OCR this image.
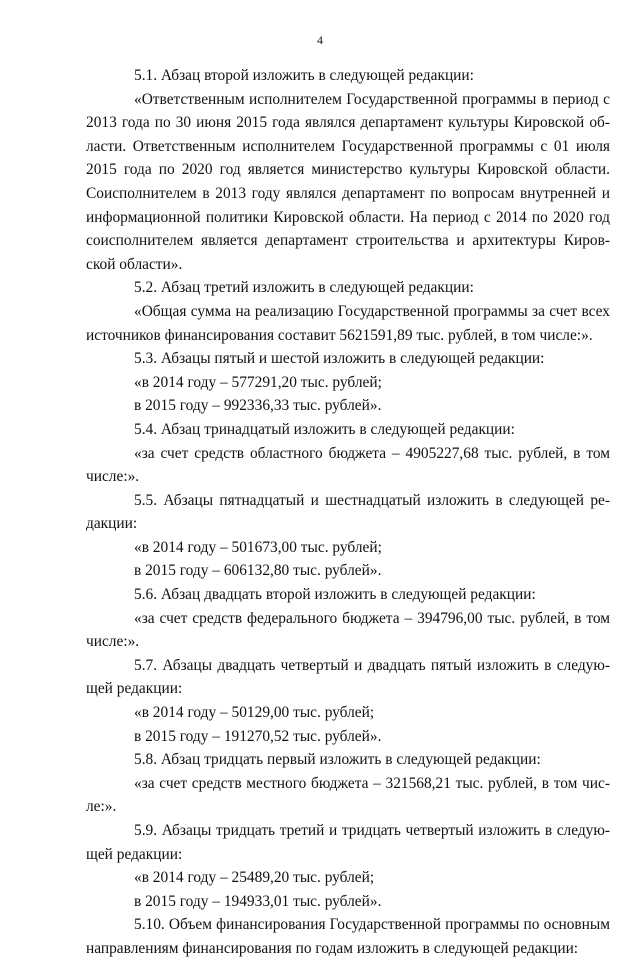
4
5.1. Абзац второй изложить в следующей редакции:
«Ответственным исполнителем Государственной программы в период с
2013 года по 30 июня 2015 года являлся департамент культуры Кировской об-
ласти. Ответственным исполнителем Государственной программы с 01 июля
2015 года по 2020 год является министерство культуры Кировской области.
Соисполнителем в 2013 году являлся департамент по вопросам внутренней и
информационной политики Кировской области. На период с 2014 по 2020 год
соисполнителем является департамент строительства и архитектуры Киров-
ской области».
5.2. Абзац третий изложить в следующей редакции:
«Общая сумма на реализацию Государственной программы за счет всех
источников финансирования составит 5621591,89 тыс. рублей, в том числе:».
5.3. Абзацы пятый и шестой изложить в следующей редакции:
«в 2014 году – 577291,20 тыс. рублей;
в 2015 году – 992336,33 тыс. рублей».
5.4. Абзац тринадцатый изложить в следующей редакции:
«за счет средств областного бюджета – 4905227,68 тыс. рублей, в том
числе:».
5.5. Абзацы пятнадцатый и шестнадцатый изложить в следующей ре-
дакции:
«в 2014 году – 501673,00 тыс. рублей;
в 2015 году – 606132,80 тыс. рублей».
5.6. Абзац двадцать второй изложить в следующей редакции:
«за счет средств федерального бюджета – 394796,00 тыс. рублей, в том
числе:».
5.7. Абзацы двадцать четвертый и двадцать пятый изложить в следую-
щей редакции:
«в 2014 году – 50129,00 тыс. рублей;
в 2015 году – 191270,52 тыс. рублей».
5.8. Абзац тридцать первый изложить в следующей редакции:
«за счет средств местного бюджета – 321568,21 тыс. рублей, в том чис-
ле:».
5.9. Абзацы тридцать третий и тридцать четвертый изложить в следую-
щей редакции:
«в 2014 году – 25489,20 тыс. рублей;
в 2015 году – 194933,01 тыс. рублей».
5.10. Объем финансирования Государственной программы по основным
направлениям финансирования по годам изложить в следующей редакции:
